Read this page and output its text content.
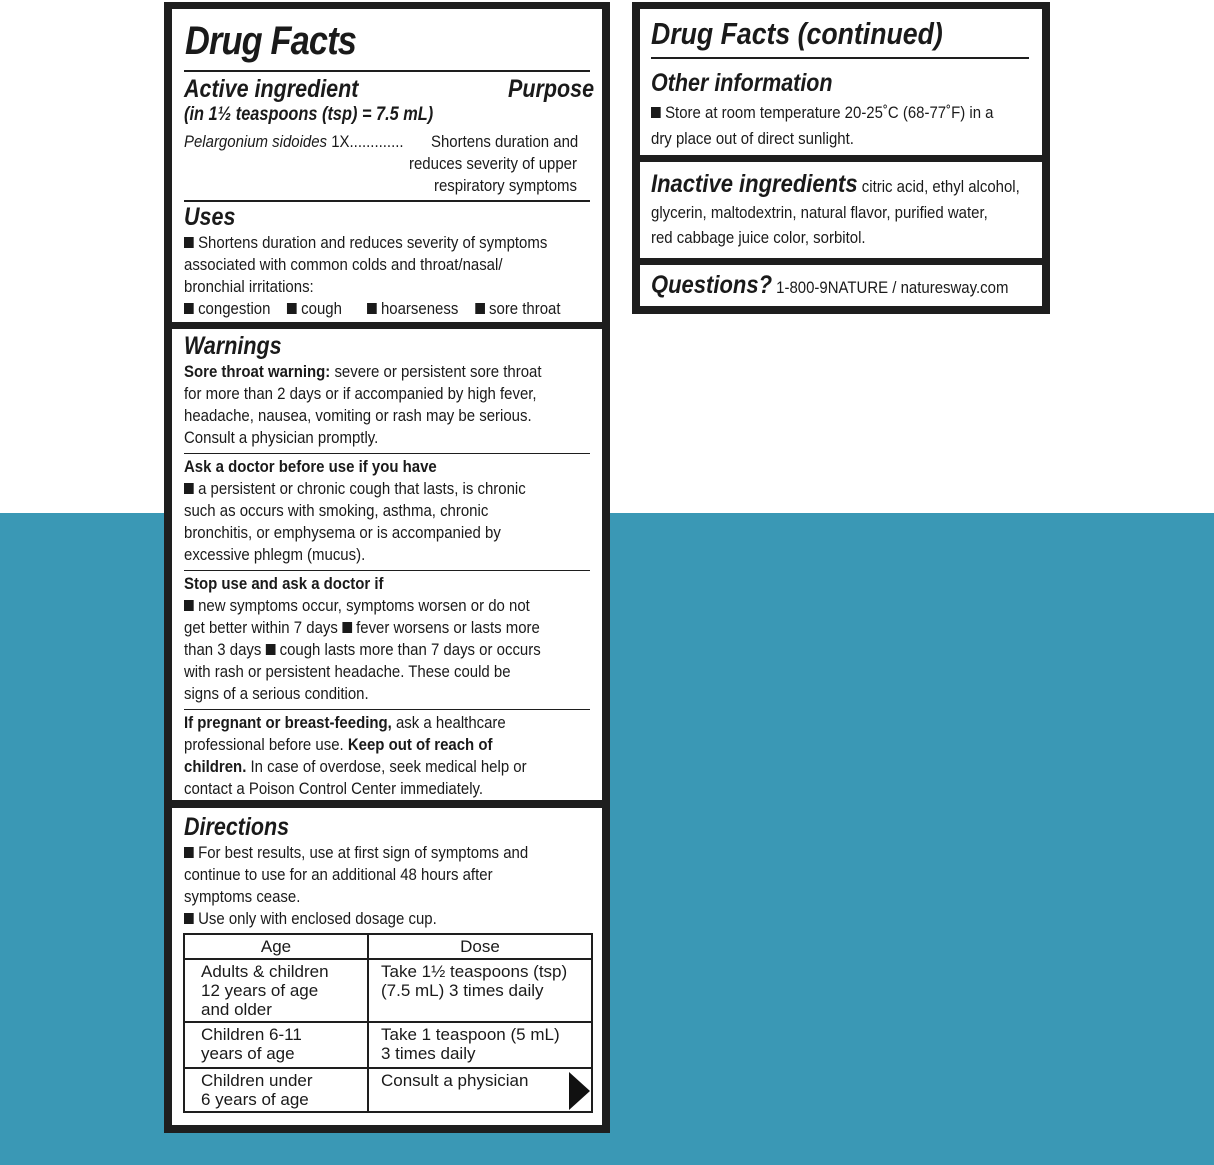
Drug Facts
Active ingredient	Purpose
(in 1½ teaspoons (tsp) = 7.5 mL)
Pelargonium sidoides 1X............. Shortens duration and
reduces severity of upper
respiratory symptoms
Uses
Shortens duration and reduces severity of symptoms
associated with common colds and throat/nasal/
bronchial irritations:
congestion cough hoarseness sore throat
Warnings
Sore throat warning: severe or persistent sore throat
for more than 2 days or if accompanied by high fever,
headache, nausea, vomiting or rash may be serious.
Consult a physician promptly.
Ask a doctor before use if you have
a persistent or chronic cough that lasts, is chronic
such as occurs with smoking, asthma, chronic
bronchitis, or emphysema or is accompanied by
excessive phlegm (mucus).
Stop use and ask a doctor if
new symptoms occur, symptoms worsen or do not
get better within 7 days fever worsens or lasts more
than 3 days cough lasts more than 7 days or occurs
with rash or persistent headache. These could be
signs of a serious condition.
If pregnant or breast-feeding, ask a healthcare
professional before use. Keep out of reach of
children. In case of overdose, seek medical help or
contact a Poison Control Center immediately.
Directions
For best results, use at first sign of symptoms and
continue to use for an additional 48 hours after
symptoms cease.
Use only with enclosed dosage cup.
Age	Dose
Adults & children
12 years of age
and older	Take 1½ teaspoons (tsp)
(7.5 mL) 3 times daily
Children 6-11
years of age	Take 1 teaspoon (5 mL)
3 times daily
Children under
6 years of age	Consult a physician
Drug Facts (continued)
Other information
Store at room temperature 20-25˚C (68-77˚F) in a
dry place out of direct sunlight.
Inactive ingredients citric acid, ethyl alcohol,
glycerin, maltodextrin, natural flavor, purified water,
red cabbage juice color, sorbitol.
Questions? 1-800-9NATURE / naturesway.com
